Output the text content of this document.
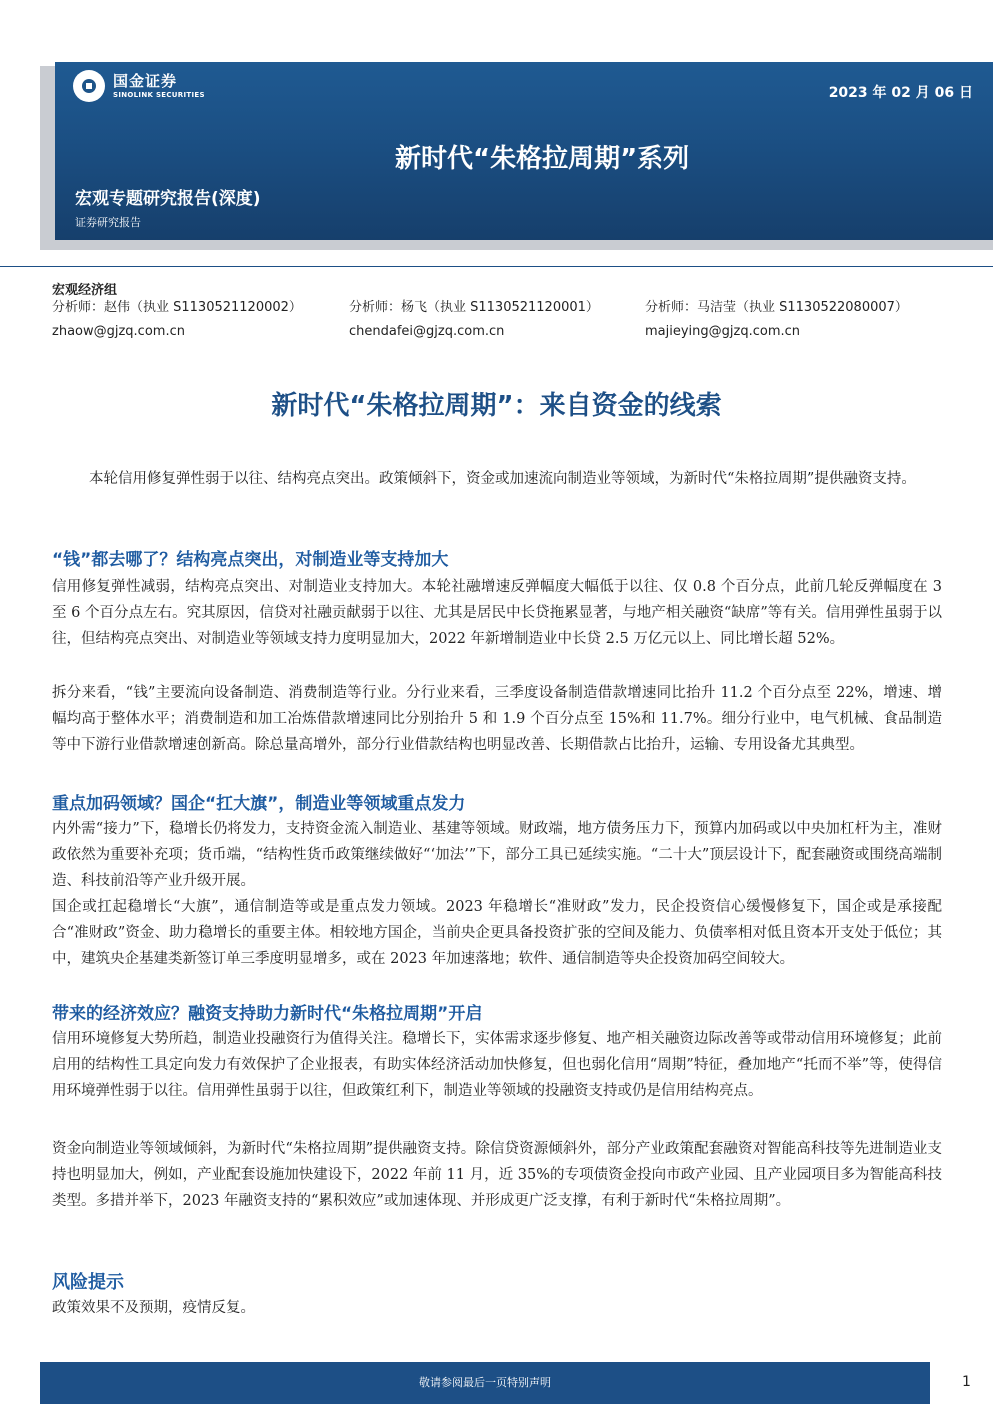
国金证券
SINOLINK SECURITIES	2023 年 02 月 06 日
新时代“朱格拉周期”系列
宏观专题研究报告(深度)
证券研究报告
宏观经济组
分析师：赵伟（执业 S1130521120002）
zhaow@gjzq.com.cn
分析师：杨飞（执业 S1130521120001）
chendafei@gjzq.com.cn
分析师：马洁莹（执业 S1130522080007）
majieying@gjzq.com.cn
新时代“朱格拉周期”：来自资金的线索
本轮信用修复弹性弱于以往、结构亮点突出。政策倾斜下，资金或加速流向制造业等领域，为新时代“朱格拉周期”提供融资支持。
“钱”都去哪了？结构亮点突出，对制造业等支持加大
信用修复弹性减弱，结构亮点突出、对制造业支持加大。本轮社融增速反弹幅度大幅低于以往、仅 0.8 个百分点，此前几轮反弹幅度在 3 至 6 个百分点左右。究其原因，信贷对社融贡献弱于以往、尤其是居民中长贷拖累显著，与地产相关融资“缺席”等有关。信用弹性虽弱于以往，但结构亮点突出、对制造业等领域支持力度明显加大，2022 年新增制造业中长贷 2.5 万亿元以上、同比增长超 52%。
拆分来看，“钱”主要流向设备制造、消费制造等行业。分行业来看，三季度设备制造借款增速同比抬升 11.2 个百分点至 22%，增速、增幅均高于整体水平；消费制造和加工冶炼借款增速同比分别抬升 5 和 1.9 个百分点至 15%和 11.7%。细分行业中，电气机械、食品制造等中下游行业借款增速创新高。除总量高增外，部分行业借款结构也明显改善、长期借款占比抬升，运输、专用设备尤其典型。
重点加码领域？国企“扛大旗”，制造业等领域重点发力
内外需“接力”下，稳增长仍将发力，支持资金流入制造业、基建等领域。财政端，地方债务压力下，预算内加码或以中央加杠杆为主，准财政依然为重要补充项；货币端，“结构性货币政策继续做好“‘加法’”下，部分工具已延续实施。“二十大”顶层设计下，配套融资或围绕高端制造、科技前沿等产业升级开展。
国企或扛起稳增长“大旗”，通信制造等或是重点发力领域。2023 年稳增长“准财政”发力，民企投资信心缓慢修复下，国企或是承接配合“准财政”资金、助力稳增长的重要主体。相较地方国企，当前央企更具备投资扩张的空间及能力、负债率相对低且资本开支处于低位；其中，建筑央企基建类新签订单三季度明显增多，或在 2023 年加速落地；软件、通信制造等央企投资加码空间较大。
带来的经济效应？融资支持助力新时代“朱格拉周期”开启
信用环境修复大势所趋，制造业投融资行为值得关注。稳增长下，实体需求逐步修复、地产相关融资边际改善等或带动信用环境修复；此前启用的结构性工具定向发力有效保护了企业报表，有助实体经济活动加快修复，但也弱化信用“周期”特征，叠加地产“托而不举”等，使得信用环境弹性弱于以往。信用弹性虽弱于以往，但政策红利下，制造业等领域的投融资支持或仍是信用结构亮点。
资金向制造业等领域倾斜，为新时代“朱格拉周期”提供融资支持。除信贷资源倾斜外，部分产业政策配套融资对智能高科技等先进制造业支持也明显加大，例如，产业配套设施加快建设下，2022 年前 11 月，近 35%的专项债资金投向市政产业园、且产业园项目多为智能高科技类型。多措并举下，2023 年融资支持的“累积效应”或加速体现、并形成更广泛支撑，有利于新时代“朱格拉周期”。
风险提示
政策效果不及预期，疫情反复。
敬请参阅最后一页特别声明	1
